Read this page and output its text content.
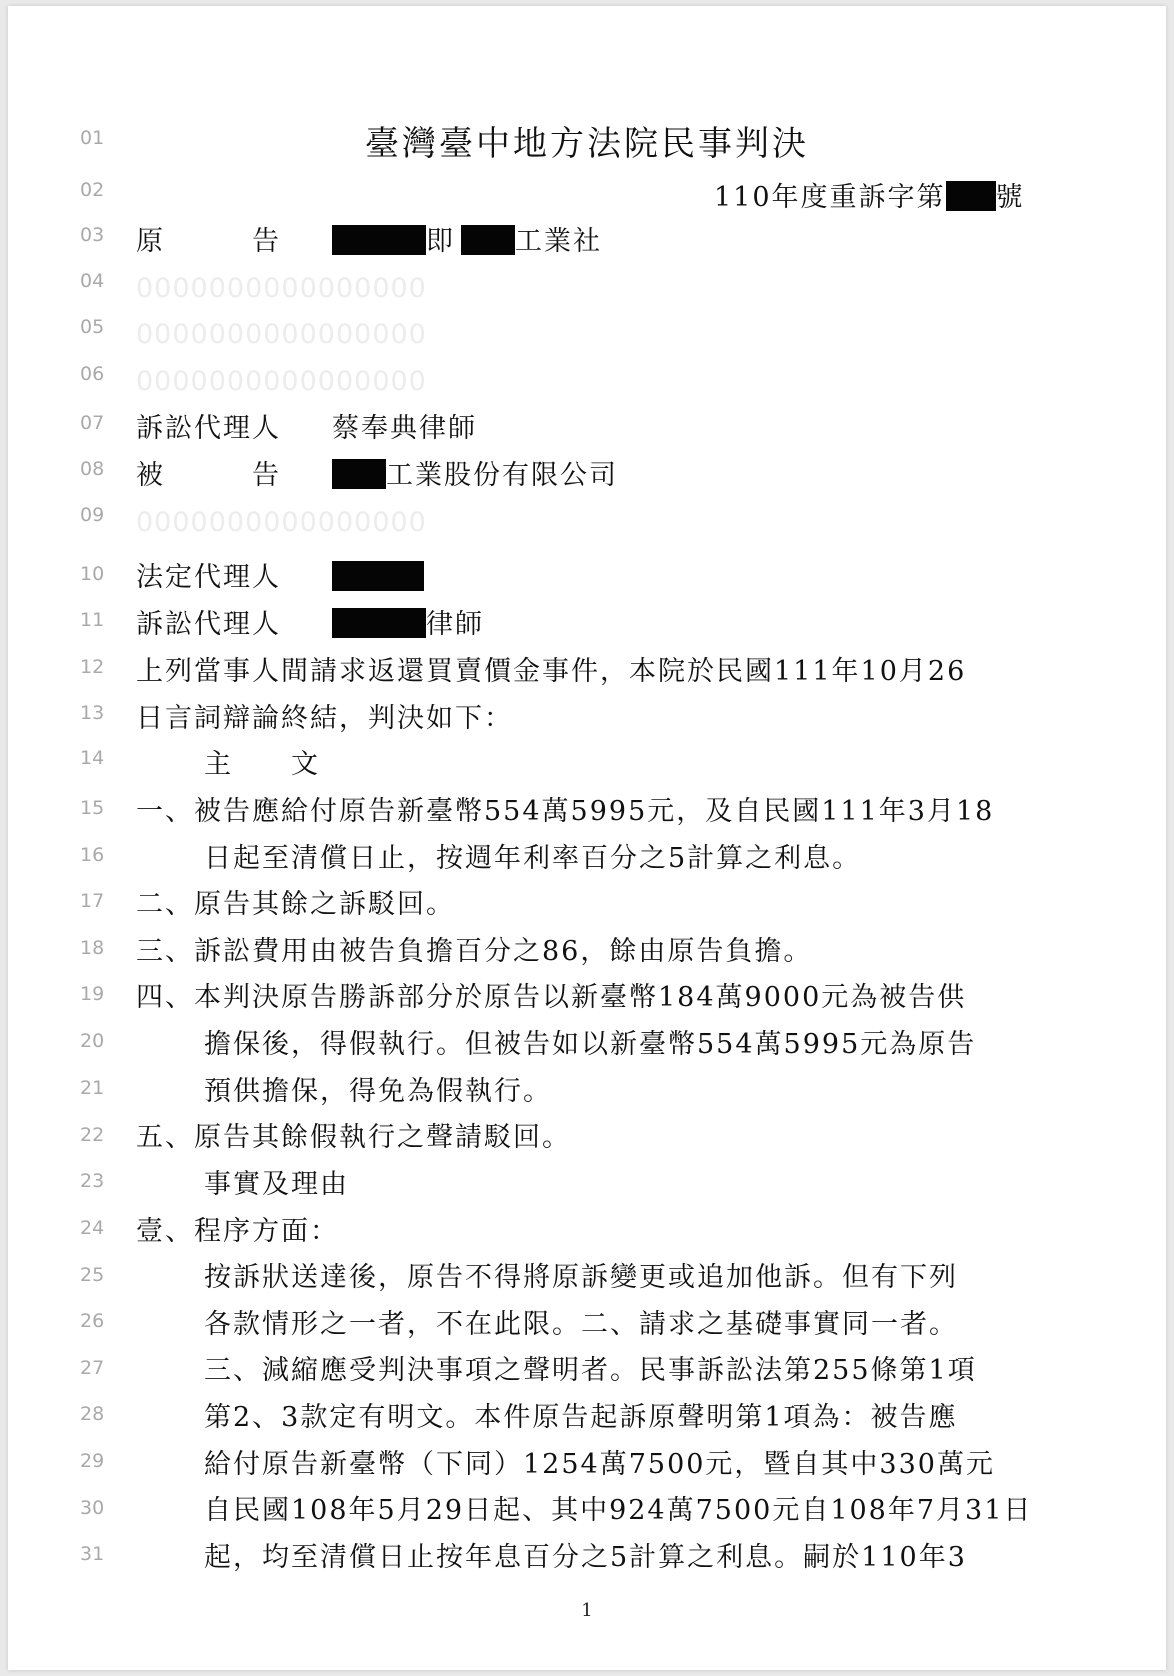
01
02
03
04
05
06
07
08
09
10
11
12
13
14
15
16
17
18
19
20
21
22
23
24
25
26
27
28
29
30
31
臺灣臺中地方法院民事判決
110年度重訴字第 號
原　　　告	即 工業社
0000000000000000
0000000000000000
0000000000000000
訴訟代理人 蔡奉典律師
被　　　告	工業股份有限公司
0000000000000000
法定代理人
訴訟代理人	律師
上列當事人間請求返還買賣價金事件，本院於民國111年10月26
日言詞辯論終結，判決如下：
主　　文
一、被告應給付原告新臺幣554萬5995元，及自民國111年3月18
日起至清償日止，按週年利率百分之5計算之利息。
二、原告其餘之訴駁回。
三、訴訟費用由被告負擔百分之86，餘由原告負擔。
四、本判決原告勝訴部分於原告以新臺幣184萬9000元為被告供
擔保後，得假執行。但被告如以新臺幣554萬5995元為原告
預供擔保，得免為假執行。
五、原告其餘假執行之聲請駁回。
事實及理由
壹、程序方面：
按訴狀送達後，原告不得將原訴變更或追加他訴。但有下列
各款情形之一者，不在此限。二、請求之基礎事實同一者。
三、減縮應受判決事項之聲明者。民事訴訟法第255條第1項
第2、3款定有明文。本件原告起訴原聲明第1項為：被告應
給付原告新臺幣（下同）1254萬7500元，暨自其中330萬元
自民國108年5月29日起、其中924萬7500元自108年7月31日
起，均至清償日止按年息百分之5計算之利息。嗣於110年3
1
